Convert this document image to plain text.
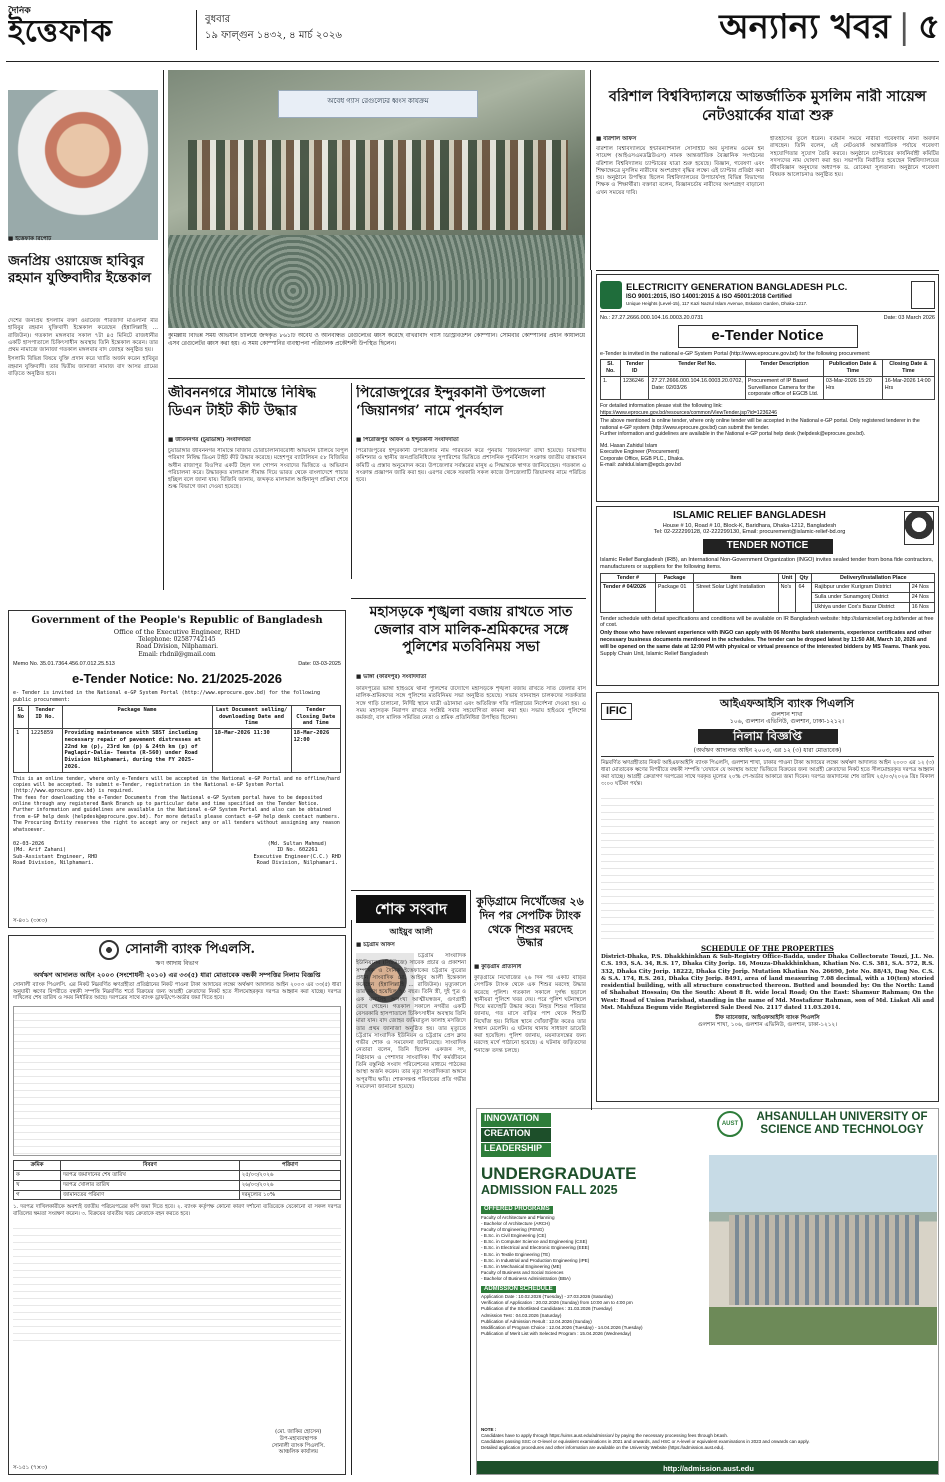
দৈনিক
ইত্তেফাক	বুধবার
১৯ ফাল্গুন ১৪৩২, ৪ মার্চ ২০২৬	অন্যান্য খবর | ৫
জনপ্রিয় ওয়ায়েজ হাবিবুর রহমান যুক্তিবাদীর ইন্তেকাল
■ ইত্তেফাক রিপোর্ট

দেশের জনপ্রিয় ইসলামি বক্তা ওয়ায়েজ পীরজাদা মাওলানা মীর হাবিবুর রহমান যুক্তিবাদী ইন্তেকাল করেছেন (ইন্নালিল্লাহি ... রাজিউন)। গতকাল মঙ্গলবার সকাল ৭টা ৪৫ মিনিটে রাজধানীর একটি হাসপাতালে চিকিৎসাধীন অবস্থায় তিনি ইন্তেকাল করেন। তার প্রথম নামাজে জানাজা গতকাল মঙ্গলবার বাদ জোহর অনুষ্ঠিত হয়।

ইসলামি বিভিন্ন বিষয়ে যুক্তি প্রদান করে খ্যাতি অর্জন করেন হাবিবুর রহমান যুক্তিবাদী। তার দ্বিতীয় জানাজা নামাজ বাদ আসর গ্রামের বাড়িতে অনুষ্ঠিত হবে।

অবৈধ গ্যাস রেগুলেটর ধ্বংস কার্যক্রম
কুমিল্লায় বিভিন্ন সময় অভিযান চালিয়ে জব্দকৃত ৮৬১টি অবৈধ ও অনিবন্ধিত রেগুলেটর ধ্বংস করেছে বাখরাবাদ গ্যাস ডিস্ট্রিবিউশন কোম্পানি। সোমবার কোম্পানির প্রধান কার্যালয়ে এসব রেগুলেটর ধ্বংস করা হয়। এ সময় কোম্পানির ব্যবস্থাপনা পরিচালক প্রকৌশলী উপস্থিত ছিলেন।
জীবননগরে সীমান্তে নিষিদ্ধ ডিএন টাইট কীট উদ্ধার
■ জীবননগর (চুয়াডাঙ্গা) সংবাদদাতা
চুয়াডাঙ্গার জীবননগর সীমান্তে বিজিবি চোরাচালানবিরোধী অভিযান চালিয়ে বিপুল পরিমাণ নিষিদ্ধ ডিএন টাইট কীট উদ্ধার করেছে। মহেশপুর ব্যাটালিয়ন ৫৮ বিজিবির অধীন রাজাপুর বিওপির একটি টহল দল গোপন সংবাদের ভিত্তিতে এ অভিযান পরিচালনা করে। উদ্ধারকৃত মালামাল সীমান্ত দিয়ে ভারত থেকে বাংলাদেশে পাচার হচ্ছিল বলে জানা যায়। বিজিবি জানায়, জব্দকৃত মালামাল আইনানুগ প্রক্রিয়া শেষে শুল্ক বিভাগে জমা দেওয়া হয়েছে।
পিরোজপুরের ইন্দুরকানী উপজেলা ‘জিয়ানগর’ নামে পুনর্বহাল
■ পিরোজপুর অফিস ও ইন্দুরকানী সংবাদদাতা
পিরোজপুরের ইন্দুরকানী উপজেলার নাম পরিবর্তন করে পুনরায় ‘জিয়ানগর’ রাখা হয়েছে। বিভাগীয় কমিশনার ও স্থানীয় জনপ্রতিনিধিদের সুপারিশের ভিত্তিতে প্রশাসনিক পুনর্বিন্যাস সংক্রান্ত জাতীয় বাস্তবায়ন কমিটি এ প্রস্তাব অনুমোদন করে। উপজেলার সর্বস্তরের মানুষ এ সিদ্ধান্তকে স্বাগত জানিয়েছেন। গতকাল এ সংক্রান্ত প্রজ্ঞাপন জারি করা হয়। এরপর থেকে সরকারি সকল কাজে উপজেলাটি জিয়ানগর নামে পরিচিত হবে।
মহাসড়কে শৃঙ্খলা বজায় রাখতে সাত জেলার বাস মালিক-শ্রমিকদের সঙ্গে পুলিশের মতবিনিময় সভা
■ ভাঙ্গা (ফরিদপুর) সংবাদদাতা
ফরিদপুরের ভাঙ্গা হাইওয়ে থানা পুলিশের উদ্যোগে মহাসড়কে শৃঙ্খলা বজায় রাখতে সাত জেলার বাস মালিক-শ্রমিকদের সঙ্গে পুলিশের মতবিনিময় সভা অনুষ্ঠিত হয়েছে। সভায় যানবাহন চালকদের সতর্কতার সঙ্গে গাড়ি চালানো, নির্দিষ্ট স্থানে যাত্রী ওঠানামা এবং অতিরিক্ত গতি পরিহারের নির্দেশনা দেওয়া হয়। এ সময় মহাসড়ক নিরাপদ রাখতে সংশ্লিষ্ট সবার সহযোগিতা কামনা করা হয়। সভায় হাইওয়ে পুলিশের কর্মকর্তা, বাস মালিক সমিতির নেতা ও শ্রমিক প্রতিনিধিরা উপস্থিত ছিলেন।
শোক সংবাদ
আইয়ুব আলী
■ চট্টগ্রাম অফিস
চট্টগ্রাম সাংবাদিক ইউনিয়নের (সিইউজে) সাবেক প্রচার ও প্রকাশনা সম্পাদক ও দৈনিক ইত্তেফাকের চট্টগ্রাম ব্যুরোর প্রধান সাংবাদিক মো. আইয়ুব আলী ইন্তেকাল করেছেন (ইন্নালিল্লাহি ... রাজিউন)। মৃত্যুকালে তার বয়স হয়েছিল ৭০ বছর। তিনি স্ত্রী, দুই পুত্র ও এক কন্যাসহ অসংখ্য আত্মীয়স্বজন, গুণগ্রাহী রেখে গেছেন। গতকাল সকালে নগরীর একটি বেসরকারি হাসপাতালে চিকিৎসাধীন অবস্থায় তিনি মারা যান। বাদ জোহর জমিয়াতুল ফালাহ মসজিদে তার প্রথম জানাজা অনুষ্ঠিত হয়। তার মৃত্যুতে চট্টগ্রাম সাংবাদিক ইউনিয়ন ও চট্টগ্রাম প্রেস ক্লাব গভীর শোক ও সমবেদনা জানিয়েছে। সাংবাদিক নেতারা বলেন, তিনি ছিলেন একজন সৎ, নিষ্ঠাবান ও পেশাদার সাংবাদিক। দীর্ঘ কর্মজীবনে তিনি বস্তুনিষ্ঠ সংবাদ পরিবেশনের মাধ্যমে পাঠকের আস্থা অর্জন করেন। তার মৃত্যু সাংবাদিকতা অঙ্গনে অপূরণীয় ক্ষতি। শোকসন্তপ্ত পরিবারের প্রতি গভীর সমবেদনা জানানো হয়েছে।
কুড়িগ্রামে নিখোঁজের ২৬ দিন পর সেপটিক ট্যাংক থেকে শিশুর মরদেহ উদ্ধার
■ কুড়িগ্রাম প্রতিনিধি
কুড়িগ্রামে নিখোঁজের ২৬ দিন পর একটি বাড়ির সেপটিক ট্যাংক থেকে এক শিশুর মরদেহ উদ্ধার করেছে পুলিশ। গতকাল সকালে দুর্গন্ধ ছড়ালে স্থানীয়রা পুলিশে খবর দেয়। পরে পুলিশ ঘটনাস্থলে গিয়ে মরদেহটি উদ্ধার করে। নিহত শিশুর পরিবার জানায়, গত মাসে বাড়ির পাশ থেকে শিশুটি নিখোঁজ হয়। বিভিন্ন স্থানে খোঁজাখুঁজি করেও তার সন্ধান মেলেনি। এ ঘটনায় থানায় সাধারণ ডায়েরি করা হয়েছিল। পুলিশ জানায়, ময়নাতদন্তের জন্য মরদেহ মর্গে পাঠানো হয়েছে। এ ঘটনায় জড়িতদের শনাক্তে তদন্ত চলছে।
বরিশাল বিশ্ববিদ্যালয়ে আন্তর্জাতিক মুসলিম নারী সায়েন্স নেটওয়ার্কের যাত্রা শুরু
■ বরিশাল অফিস
বরিশাল বিশ্ববিদ্যালয়ে ইন্টারন্যাশনাল সোসাইটি অব মুসলিম ওমেন ইন সায়েন্স (আইএসএমডব্লিউএস) নামক আন্তর্জাতিক বৈজ্ঞানিক সংগঠনের বরিশাল বিশ্ববিদ্যালয় চ্যাপ্টারের যাত্রা শুরু হয়েছে। বিজ্ঞান, গবেষণা এবং শিক্ষাক্ষেত্রে মুসলিম নারীদের অংশগ্রহণ বৃদ্ধির লক্ষ্যে এই চ্যাপ্টার প্রতিষ্ঠা করা হয়। অনুষ্ঠানে উপস্থিত ছিলেন বিশ্ববিদ্যালয়ের উপাচার্যসহ বিভিন্ন বিভাগের শিক্ষক ও শিক্ষার্থীরা। বক্তারা বলেন, বিজ্ঞানচর্চায় নারীদের অংশগ্রহণ বাড়ানো এখন সময়ের দাবি।
ইতিহাসের তুলে ধরেন। বর্তমান সময়ে নারীরা গবেষণায় নানা অবদান রাখছেন। তিনি বলেন, এই নেটওয়ার্ক আন্তর্জাতিক পর্যায়ে গবেষণা সহযোগিতার সুযোগ তৈরি করবে। অনুষ্ঠানে চ্যাপ্টারের কার্যনির্বাহী কমিটির সদস্যদের নাম ঘোষণা করা হয়। সভাপতি নির্বাচিত হয়েছেন বিশ্ববিদ্যালয়ের জীববিজ্ঞান অনুষদের অধ্যাপক ড. রোকেয়া সুলতানা। অনুষ্ঠানে গবেষণা বিষয়ক আলোচনাও অনুষ্ঠিত হয়।
ELECTRICITY GENERATION BANGLADESH PLC.
ISO 9001:2015, ISO 14001:2015 & ISO 45001:2018 Certified
Unique Heights (Level-15), 117 Kazi Nazrul Islam Avenue, Eskaton Garden, Dhaka-1217.
No.: 27.27.2666.000.104.16.0003.20.0731	Date: 03 March 2026
e-Tender Notice
e-Tender is invited in the national e-GP System Portal (http://www.eprocure.gov.bd) for the following procurement:
Sl. No.	Tender ID	Tender Ref No.	Tender Description	Publication Date & Time	Closing Date & Time
1.	1236246	27.27.2666.000.104.16.0003.20.0702, Date: 02/03/26	Procurement of IP Based Surveillance Camera for the corporate office of EGCB Ltd.	03-Mar-2026 15:20 Hrs	16-Mar-2026 14:00 Hrs
For detailed information please visit the following link:
https://www.eprocure.gov.bd/resources/common/ViewTender.jsp?id=1236246
The above mentioned is online tender, where only online tender will be accepted in the National e-GP portal. Only registered tenderer in the national e-GP system (http://www.eprocure.gov.bd) can submit the tender.
Further information and guidelines are available in the National e-GP portal help desk (helpdesk@eprocure.gov.bd).
Md. Hasan Zahidul Islam
Executive Engineer (Procurement)
Corporate Office, EGB PLC., Dhaka.
E-mail: zahidul.islam@egcb.gov.bd
ISLAMIC RELIEF BANGLADESH
House # 10, Road # 10, Block-K, Baridhara, Dhaka-1212, Bangladesh
Tel: 02-222299128, 02-222299130, Email: procurement@islamic-relief-bd.org
TENDER NOTICE
Islamic Relief Bangladesh (IRB), an International Non-Government Organization (INGO) invites sealed tender from bona fide contractors, manufacturers or suppliers for the following items.
Tender #	Package	Item	Unit	Qty	Delivery/Installation Place	
Tender # 04/2026	Package 01	Street Solar Light Installation	No's	64	Rajibpur under Kurigram District	24 Nos
					Sulla under Sunamgonj District	24 Nos
					Ukhiya under Cox's Bazar District	16 Nos
Tender schedule with detail specifications and conditions will be available on IR Bangladesh website: http://islamicrelief.org.bd/tender at free of cost.
Only those who have relevant experience with INGO can apply with 06 Months bank statements, experience certificates and other necessary business documents mentioned in the schedules. The tender can be dropped latest by 11:50 AM, March 10, 2026 and will be opened on the same date at 12:00 PM with physical or virtual presence of the interested bidders by MS Teams. Thank you.
Supply Chain Unit, Islamic Relief Bangladesh
Government of the People's Republic of Bangladesh
Office of the Executive Engineer, RHD
Telephone: 02587742145
Road Division, Nilphamari.
Email: rhdnil@gmail.com
Memo No. 35.01.7364.456.07.012.25.513	Date: 03-03-2025
e-Tender Notice: No. 21/2025-2026
e- Tender is invited in the National e-GP System Portal (http://www.eprocure.gov.bd) for the following public procurement:
SL No	Tender ID No.	Package Name	Last Document selling/ downloading Date and Time	Tender Closing Date and Time
1	1225859	Providing maintenance with SBST including necessary repair of pavement distresses at 22nd km (p), 23rd km (p) & 24th km (p) of Paglapir-Dalia- Teesta (R-560) under Road Division Nilphamari, during the FY 2025-2026.	18-Mar-2026 11:30	18-Mar-2026 12:00
This is an online tender, where only e-Tenders will be accepted in the National e-GP Portal and no offline/hard copies will be accepted. To submit e-Tender, registration in the National e-GP System Portal (http://www.eprocure.gov.bd) is required.
The fees for downloading the e-Tender Documents from the National e-GP System portal have to be deposited online through any registered Bank Branch up to particular date and time specified on the Tender Notice.
Further information and guidelines are available in the National e-GP System Portal and also can be obtained from e-GP help desk (helpdesk@eprocure.gov.bd). For more details please contact e-GP help desk contact numbers.
The Procuring Entity reserves the right to accept any or reject any or all tenders without assigning any reason whatsoever.
02-03-2026
(Md. Arif Zahani)
Sub-Assistant Engineer, RHD
Road Division, Nilphamari.
(Md. Sultan Mahmud)
ID No. 602261
Executive Engineer(C.C.) RHD
Road Division, Nilphamari.
স-৪০১ (৩×৩)
সোনালী ব্যাংক পিএলসি.
ঋণ আদায় বিভাগ
অর্থঋণ আদালত আইন ২০০৩ (সংশোধনী ২০১০) এর ৩৩(৫) ধারা মোতাবেক বন্ধকী সম্পত্তির নিলাম বিজ্ঞপ্তি
সোনালী ব্যাংক পিএলসি. এর নিকট নিম্নবর্ণিত ঋণগ্রহীতা প্রতিষ্ঠানের নিকট পাওনা টাকা আদায়ের লক্ষ্যে অর্থঋণ আদালত আইন ২০০৩ এর ৩৩(৫) ধারা অনুযায়ী ঋণের বিপরীতে বন্ধকী সম্পত্তি নিম্নবর্ণিত শর্তে বিক্রয়ের জন্য আগ্রহী ক্রেতাদের নিকট হতে সীলমোহরকৃত দরপত্র আহ্বান করা যাচ্ছে। দরপত্র দাখিলের শেষ তারিখ ও সময় নির্ধারিত আছে। দরপত্রের সাথে ব্যাংক ড্রাফট/পে-অর্ডার জমা দিতে হবে।
ক্রমিক	বিবরণ	পরিমাণ
ক	দরপত্র জমাদানের শেষ তারিখ	২৫/০৩/২০২৬
খ	দরপত্র খোলার তারিখ	২৬/০৩/২০২৬
গ	জামানতের পরিমাণ	দরমূল্যের ১০%
১. দরপত্র দাখিলকারীকে অবশ্যই জাতীয় পরিচয়পত্রের কপি জমা দিতে হবে। ২. ব্যাংক কর্তৃপক্ষ কোনো কারণ দর্শানো ব্যতিরেকে যেকোনো বা সকল দরপত্র বাতিলের ক্ষমতা সংরক্ষণ করেন। ৩. বিক্রয়ের যাবতীয় খরচ ক্রেতাকে বহন করতে হবে।
(মো. জাকির হোসেন)
উপ-মহাব্যবস্থাপক
সোনালী ব্যাংক পিএলসি.
আঞ্চলিক কার্যালয়
স-১৫১ (৭×৩)
IFIC
আইএফআইসি ব্যাংক পিএলসি
গুলশান শাখা
১০৬, গুলশান এভিনিউ, গুলশান, ঢাকা-১২১২।
নিলাম বিজ্ঞপ্তি
(অর্থঋণ আদালত আইন ২০০৩, এর ১২ (৩) ধারা মোতাবেক)
নিম্নবর্ণিত ঋণগ্রহীতার নিকট আইএফআইসি ব্যাংক পিএলসি, গুলশান শাখা, ঢাকার পাওনা টাকা আদায়ের লক্ষ্যে অর্থঋণ আদালত আইন ২০০৩ এর ১২ (৩) ধারা মোতাবেক ঋণের বিপরীতে বন্ধকী সম্পত্তি 'যেখানে যে অবস্থায় আছে' ভিত্তিতে বিক্রয়ের জন্য আগ্রহী ক্রেতাদের নিকট হতে সীলমোহরকৃত দরপত্র আহ্বান করা যাচ্ছে। আগ্রহী ক্রেতাগণ দরপত্রের সাথে দরকৃত মূল্যের ২০% পে-অর্ডার আকারে জমা দিবেন। দরপত্র জমাদানের শেষ তারিখ ২৫/০৩/২০২৬ খ্রিঃ বিকাল ৩:০০ ঘটিকা পর্যন্ত।
SCHEDULE OF THE PROPERTIES
District-Dhaka, P.S. Dhakkhinkhan & Sub-Registry Office-Badda, under Dhaka Collectorate Touzi, J.L. No. C.S. 193, S.A. 34, R.S. 17, Dhaka City Jorip. 16, Mouza-Dhakkhinkhan, Khatian No. C.S. 381, S.A. 572, R.S. 332, Dhaka City Jorip. 18222, Dhaka City Jorip. Mutation Khatian No. 26690, Jote No. 88/43, Dag No. C.S. & S.A. 174, R.S. 261, Dhaka City Jorip. 8491, area of land measuring 7.08 decimal, with a 10(ten) storied residential building, with all structure constructed thereon. Butted and bounded by: On the North: Land of Shahabat Hossain; On the South: About 8 ft. wide local Road; On the East: Shamsur Rahman; On the West: Road of Union Parishad, standing in the name of Md. Mostafizur Rahman, son of Md. Liakat Ali and Mst. Mahfuza Begum vide Registered Sale Deed No. 2117 dated 11.03.2014.
চীফ ম্যানেজার, আইএফআইসি ব্যাংক পিএলসি
গুলশান শাখা, ১০৬, গুলশান এভিনিউ, গুলশান, ঢাকা-১২১২।
INNOVATION
CREATION
LEADERSHIP
AUST
AHSANULLAH UNIVERSITY OF SCIENCE AND TECHNOLOGY
UNDERGRADUATE
ADMISSION FALL 2025
OFFERED PROGRAMS
Faculty of Architecture and Planning
- Bachelor of Architecture (ARCH)
Faculty of Engineering (FENG)
- B.Sc. in Civil Engineering (CE)
- B.Sc. in Computer Science and Engineering (CSE)
- B.Sc. in Electrical and Electronic Engineering (EEE)
- B.Sc. in Textile Engineering (TE)
- B.Sc. in Industrial and Production Engineering (IPE)
- B.Sc. in Mechanical Engineering (ME)
Faculty of Business and Social Sciences
- Bachelor of Business Administration (BBA)
ADMISSION SCHEDULE
Application Date : 10.02.2026 (Tuesday) - 27.03.2026 (Saturday)
Verification of Application : 20.02.2026 (Sunday) from 10:00 am to 4:00 pm
Publication of the Shortlisted Candidates : 31.03.2026 (Tuesday)
Admission Test : 04.03.2026 (Saturday)
Publication of Admission Result : 12.04.2026 (Sunday)
Modification of Program Choice : 12.04.2026 (Tuesday) - 14.04.2026 (Tuesday)
Publication of Merit List with Selected Program : 15.04.2026 (Wednesday)
NOTE :
Candidates have to apply through https://uims.aust.edu/admission/ by paying the necessary processing fees through bKash.
Candidates passing SSC or O-level or equivalent examinations in 2021 and onwards, and HSC or A-level or equivalent examinations in 2023 and onwards can apply.
Detailed application procedures and other information are available on the University Website (https://admission.aust.edu).
http://admission.aust.edu
